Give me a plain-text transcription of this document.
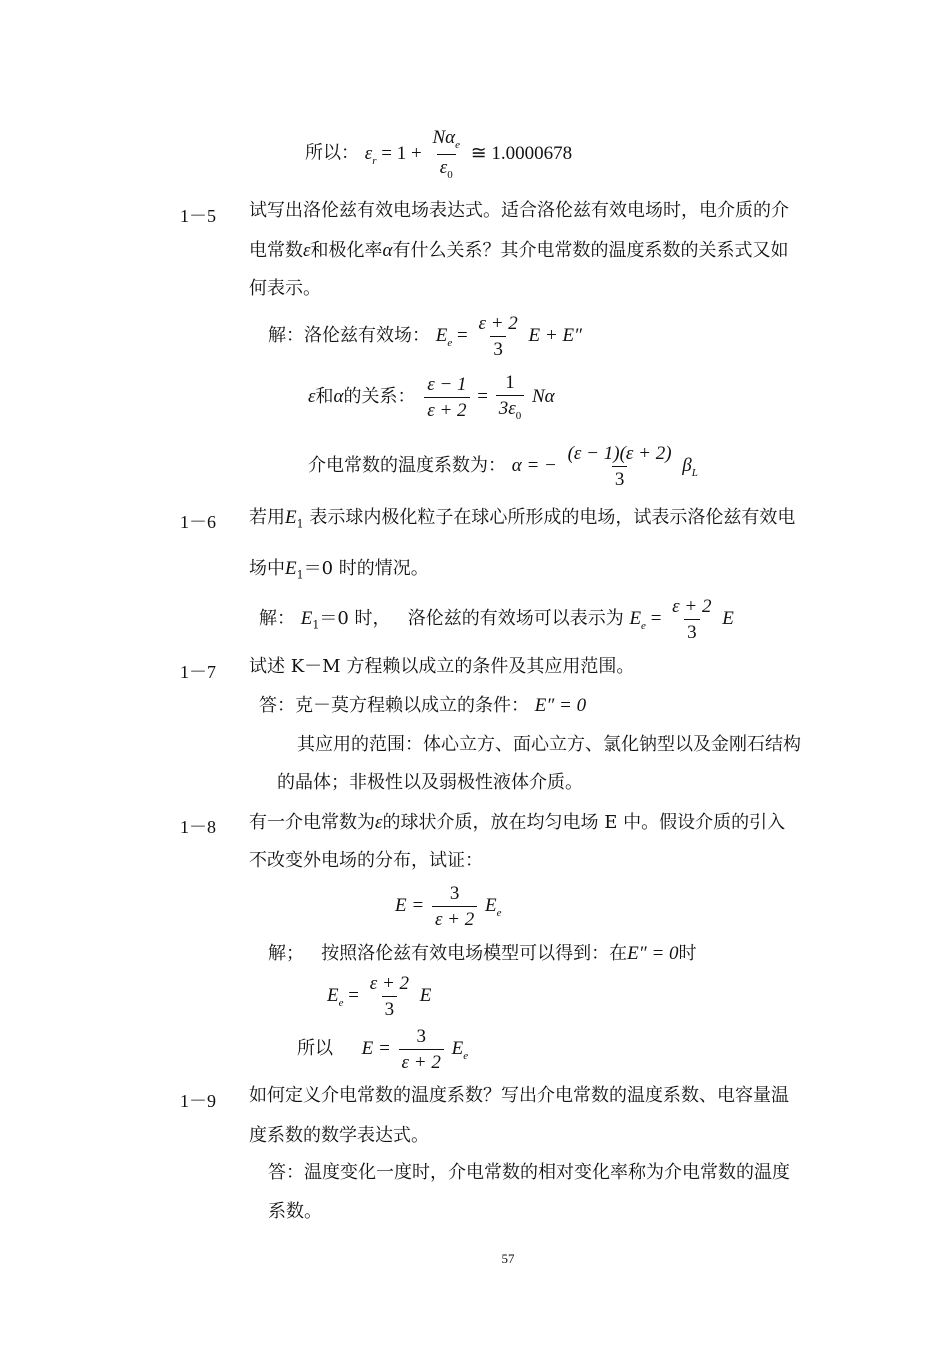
所以： $\varepsilon_r = 1 + \frac{N\alpha_e}{\varepsilon_0}$ ≅ 1.0000678
1－5 试写出洛伦兹有效电场表达式。适合洛伦兹有效电场时，电介质的介
电常数ε和极化率α有什么关系？其介电常数的温度系数的关系式又如
何表示。
解：洛伦兹有效场： $E_e = \frac{\varepsilon + 2}{3}$ E + E″
ε和α的关系： $\frac{\varepsilon - 1}{\varepsilon + 2} = \frac{1}{3\varepsilon_0}$ Nα
介电常数的温度系数为： α = − $\frac{(\varepsilon - 1)(\varepsilon + 2)}{3} \beta_L$
1－6 若用$E_1$ 表示球内极化粒子在球心所形成的电场，试表示洛伦兹有效电
场中$E_1=0$ 时的情况。
解： $E_1=0$ 时， 洛伦兹的有效场可以表示为 $E_e = \frac{\varepsilon + 2}{3}$ E
1－7 试述 K－M 方程赖以成立的条件及其应用范围。
答：克－莫方程赖以成立的条件： E″ = 0
其应用的范围：体心立方、面心立方、氯化钠型以及金刚石结构
的晶体；非极性以及弱极性液体介质。
1－8 有一介电常数为ε的球状介质，放在均匀电场 E 中。假设介质的引入
不改变外电场的分布，试证：
$E = \frac{3}{\varepsilon + 2} E_e$
解； 按照洛伦兹有效电场模型可以得到：在E″ = 0时
$E_e = \frac{\varepsilon + 2}{3}$ E
所以 $E = \frac{3}{\varepsilon + 2} E_e$
1－9 如何定义介电常数的温度系数？写出介电常数的温度系数、电容量温
度系数的数学表达式。
答：温度变化一度时，介电常数的相对变化率称为介电常数的温度
系数。
57
